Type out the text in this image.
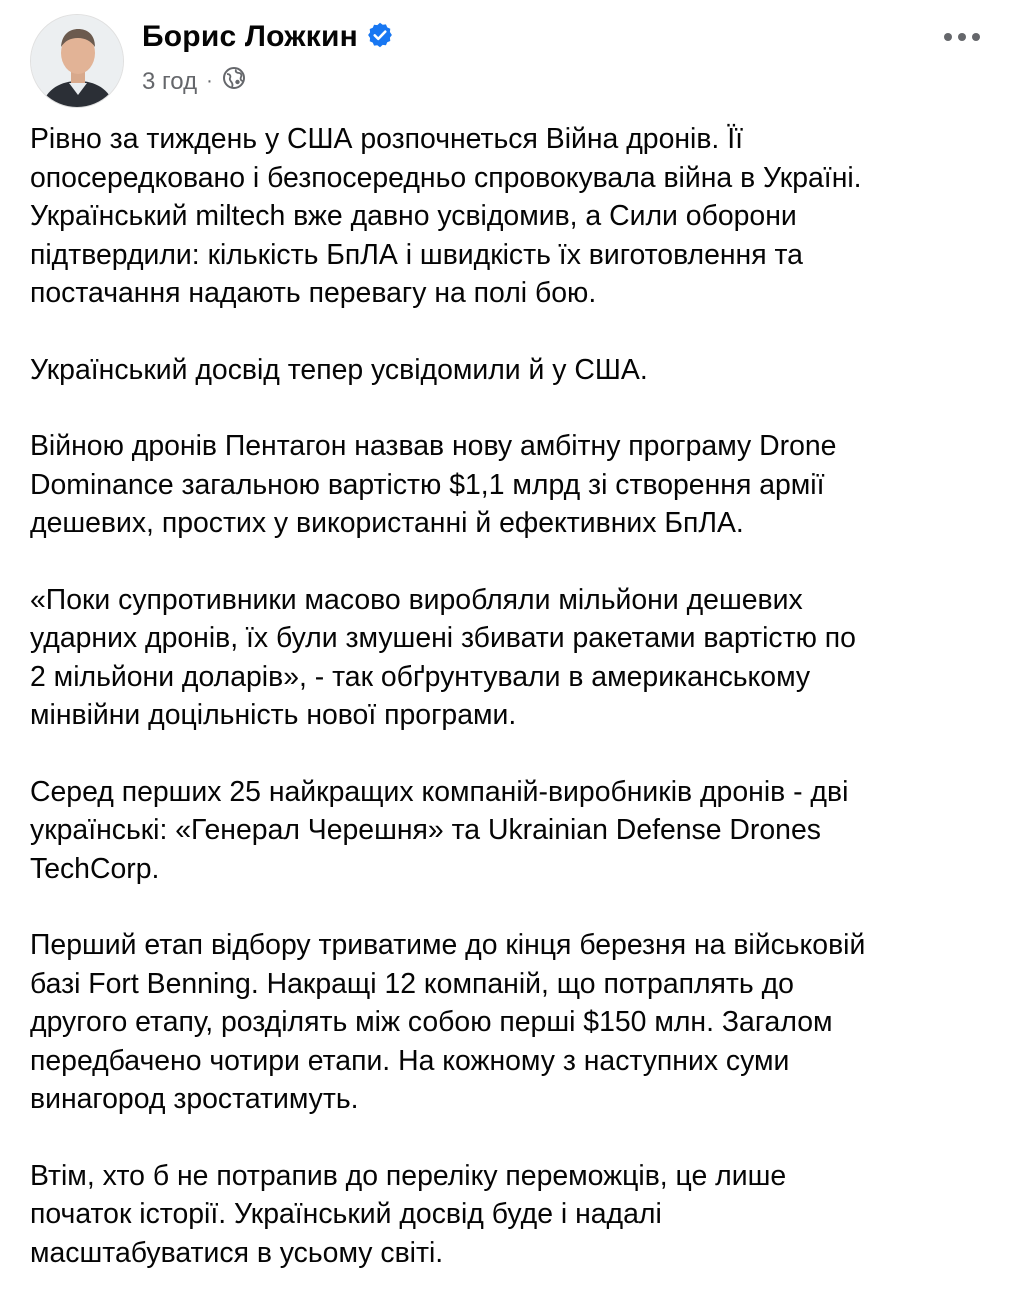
Борис Ложкин
3 год ·

Рівно за тиждень у США розпочнеться Війна дронів. Її
опосередковано і безпосередньо спровокувала війна в Україні.
Український miltech вже давно усвідомив, а Сили оборони
підтвердили: кількість БпЛА і швидкість їх виготовлення та
постачання надають перевагу на полі бою.

Український досвід тепер усвідомили й у США.

Війною дронів Пентагон назвав нову амбітну програму Drone
Dominance загальною вартістю $1,1 млрд зі створення армії
дешевих, простих у використанні й ефективних БпЛА.

«Поки супротивники масово виробляли мільйони дешевих
ударних дронів, їх були змушені збивати ракетами вартістю по
2 мільйони доларів», - так обґрунтували в американському
мінвійни доцільність нової програми.

Серед перших 25 найкращих компаній-виробників дронів - дві
українські: «Генерал Черешня» та Ukrainian Defense Drones
TechCorp.

Перший етап відбору триватиме до кінця березня на військовій
базі Fort Benning. Накращі 12 компаній, що потраплять до
другого етапу, розділять між собою перші $150 млн. Загалом
передбачено чотири етапи. На кожному з наступних суми
винагород зростатимуть.

Втім, хто б не потрапив до переліку переможців, це лише
початок історії. Український досвід буде і надалі
масштабуватися в усьому світі.
